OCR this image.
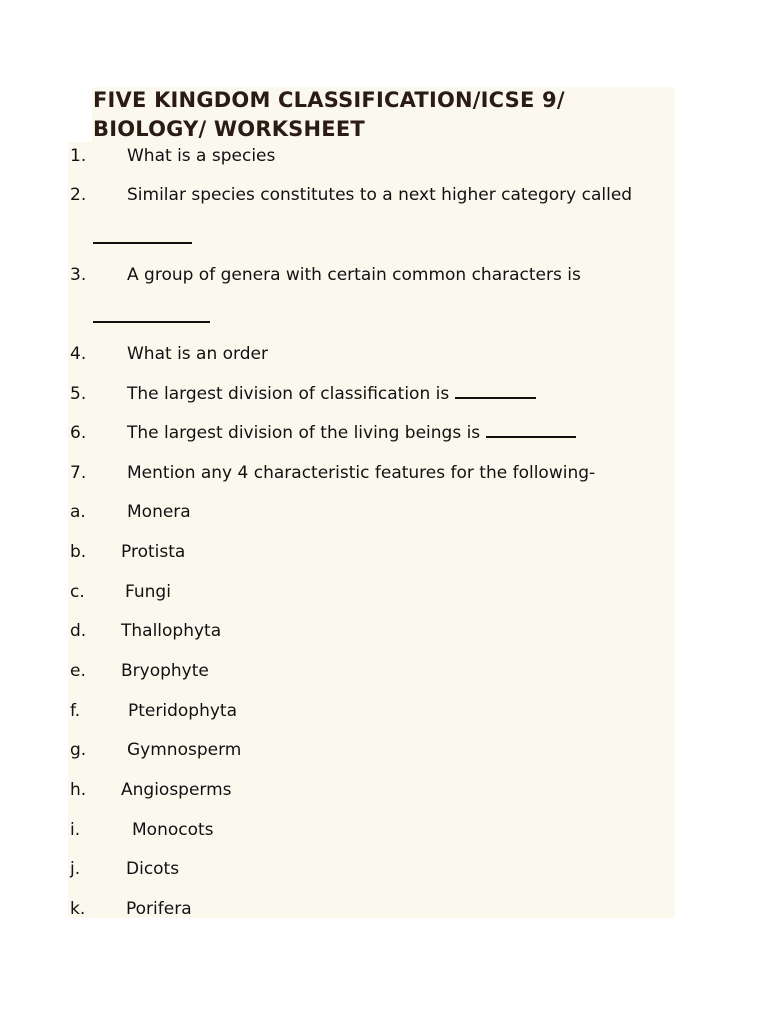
FIVE KINGDOM CLASSIFICATION/ICSE 9/
BIOLOGY/ WORKSHEET
1. What is a species
2. Similar species constitutes to a next higher category called
3. A group of genera with certain common characters is
4. What is an order
5. The largest division of classification is
6. The largest division of the living beings is
7. Mention any 4 characteristic features for the following-
a. Monera
b. Protista
c. Fungi
d. Thallophyta
e. Bryophyte
f.	Pteridophyta
g. Gymnosperm
h. Angiosperms
i.	Monocots
j.	Dicots
k. Porifera
